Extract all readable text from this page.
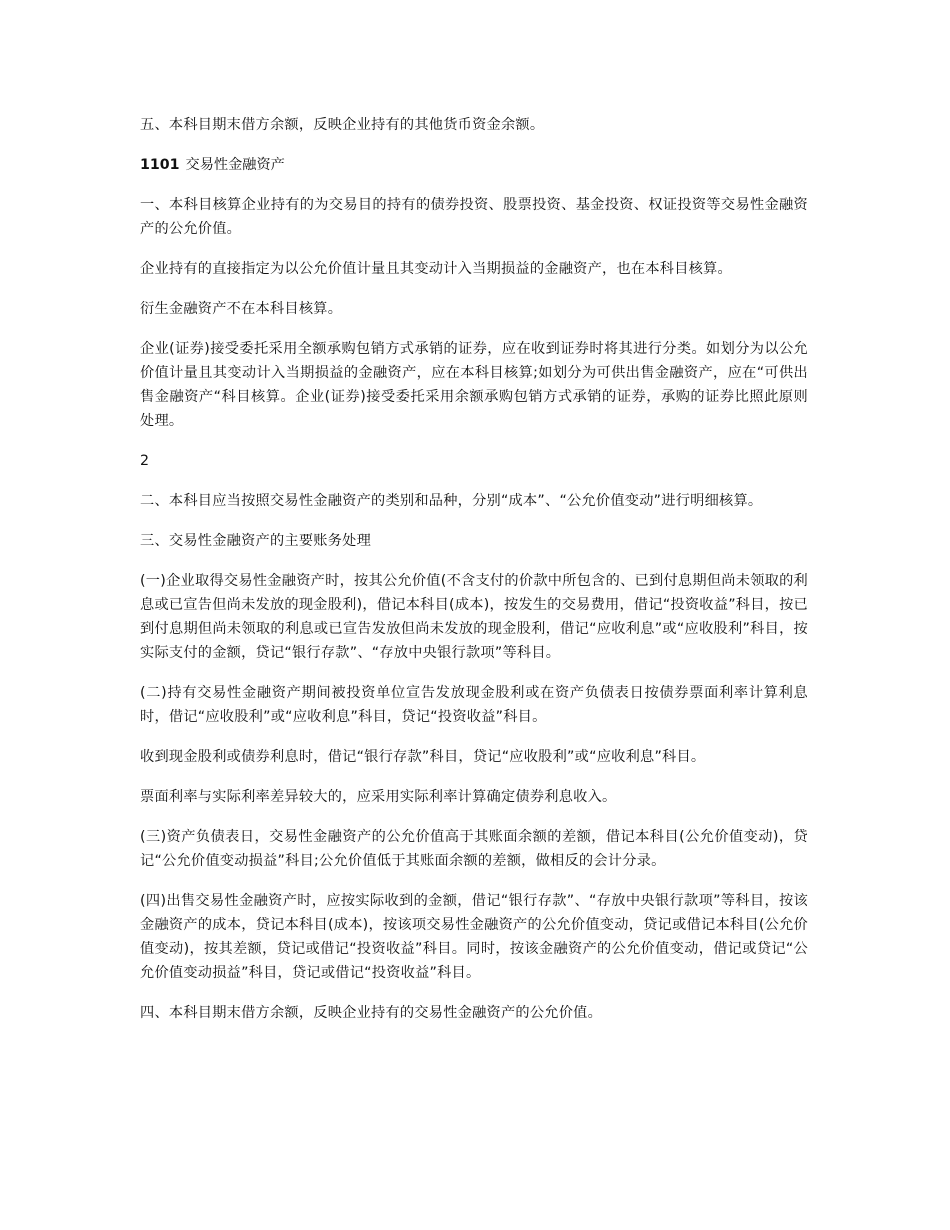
五、本科目期末借方余额，反映企业持有的其他货币资金余额。

1101 交易性金融资产

一、本科目核算企业持有的为交易目的持有的债券投资、股票投资、基金投资、权证投资等交易性金融资产的公允价值。

企业持有的直接指定为以公允价值计量且其变动计入当期损益的金融资产，也在本科目核算。

衍生金融资产不在本科目核算。

企业(证券)接受委托采用全额承购包销方式承销的证券，应在收到证券时将其进行分类。如划分为以公允价值计量且其变动计入当期损益的金融资产，应在本科目核算;如划分为可供出售金融资产，应在“可供出售金融资产“科目核算。企业(证券)接受委托采用余额承购包销方式承销的证券，承购的证券比照此原则处理。

2

二、本科目应当按照交易性金融资产的类别和品种，分别“成本”、“公允价值变动”进行明细核算。

三、交易性金融资产的主要账务处理

(一)企业取得交易性金融资产时，按其公允价值(不含支付的价款中所包含的、已到付息期但尚未领取的利息或已宣告但尚未发放的现金股利)，借记本科目(成本)，按发生的交易费用，借记“投资收益”科目，按已到付息期但尚未领取的利息或已宣告发放但尚未发放的现金股利，借记“应收利息”或“应收股利”科目，按实际支付的金额，贷记“银行存款”、“存放中央银行款项”等科目。

(二)持有交易性金融资产期间被投资单位宣告发放现金股利或在资产负债表日按债券票面利率计算利息时，借记“应收股利”或“应收利息”科目，贷记“投资收益”科目。

收到现金股利或债券利息时，借记“银行存款”科目，贷记“应收股利”或“应收利息”科目。

票面利率与实际利率差异较大的，应采用实际利率计算确定债券利息收入。

(三)资产负债表日，交易性金融资产的公允价值高于其账面余额的差额，借记本科目(公允价值变动)，贷记“公允价值变动损益”科目;公允价值低于其账面余额的差额，做相反的会计分录。

(四)出售交易性金融资产时，应按实际收到的金额，借记“银行存款”、“存放中央银行款项”等科目，按该金融资产的成本，贷记本科目(成本)，按该项交易性金融资产的公允价值变动，贷记或借记本科目(公允价值变动)，按其差额，贷记或借记“投资收益”科目。同时，按该金融资产的公允价值变动，借记或贷记“公允价值变动损益”科目，贷记或借记“投资收益”科目。

四、本科目期末借方余额，反映企业持有的交易性金融资产的公允价值。
